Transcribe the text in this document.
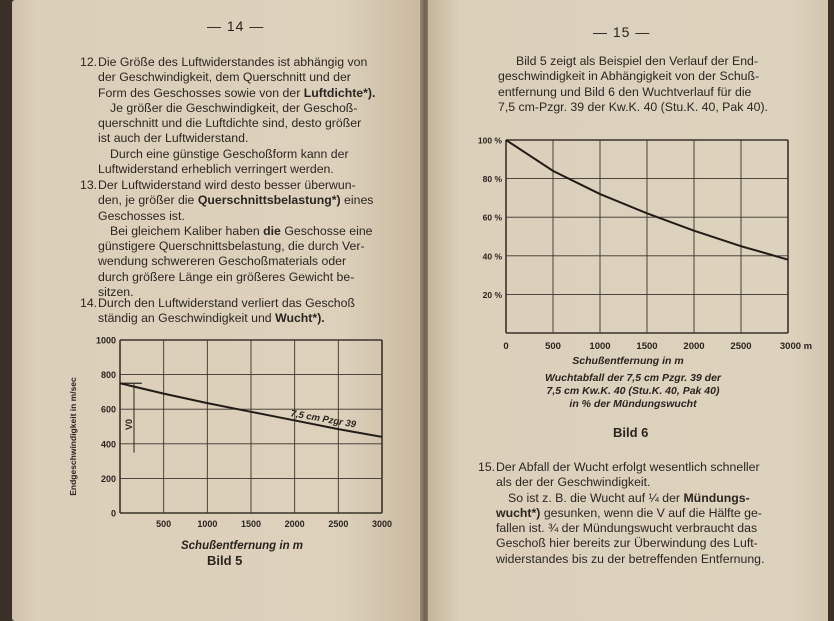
— 14 —
12.Die Größe des Luftwiderstandes ist abhängig von
der Geschwindigkeit, dem Querschnitt und der
Form des Geschosses sowie von der Luftdichte*).
Je größer die Geschwindigkeit, der Geschoß-
querschnitt und die Luftdichte sind, desto größer
ist auch der Luftwiderstand.
Durch eine günstige Geschoßform kann der
Luftwiderstand erheblich verringert werden.
13.Der Luftwiderstand wird desto besser überwun-
den, je größer die Querschnittsbelastung*) eines
Geschosses ist.
Bei gleichem Kaliber haben die Geschosse eine
günstigere Querschnittsbelastung, die durch Ver-
wendung schwereren Geschoßmaterials oder
durch größere Länge ein größeres Gewicht be-
sitzen.
14.Durch den Luftwiderstand verliert das Geschoß
ständig an Geschwindigkeit und Wucht*).
0
200
400
600
800
1000
500	1000	1500	2000	2500	3000
Endgeschwindigkeit in m/sec	V0	7,5 cm Pzgr 39
Schußentfernung in m
Bild 5
— 15 —
Bild 5 zeigt als Beispiel den Verlauf der End-
geschwindigkeit in Abhängigkeit von der Schuß-
entfernung und Bild 6 den Wuchtverlauf für die
7,5 cm-Pzgr. 39 der Kw.K. 40 (Stu.K. 40, Pak 40).
0	500	1000	1500	2000	2500	3000 m
20 %
40 %
60 %
80 %
100 %
Schußentfernung in m
Wuchtabfall der 7,5 cm Pzgr. 39 der
7,5 cm Kw.K. 40 (Stu.K. 40, Pak 40)
in % der Mündungswucht
Bild 6
15.Der Abfall der Wucht erfolgt wesentlich schneller
als der der Geschwindigkeit.
So ist z. B. die Wucht auf ¼ der Mündungs-
wucht*) gesunken, wenn die V auf die Hälfte ge-
fallen ist. ¾ der Mündungswucht verbraucht das
Geschoß hier bereits zur Überwindung des Luft-
widerstandes bis zu der betreffenden Entfernung.
